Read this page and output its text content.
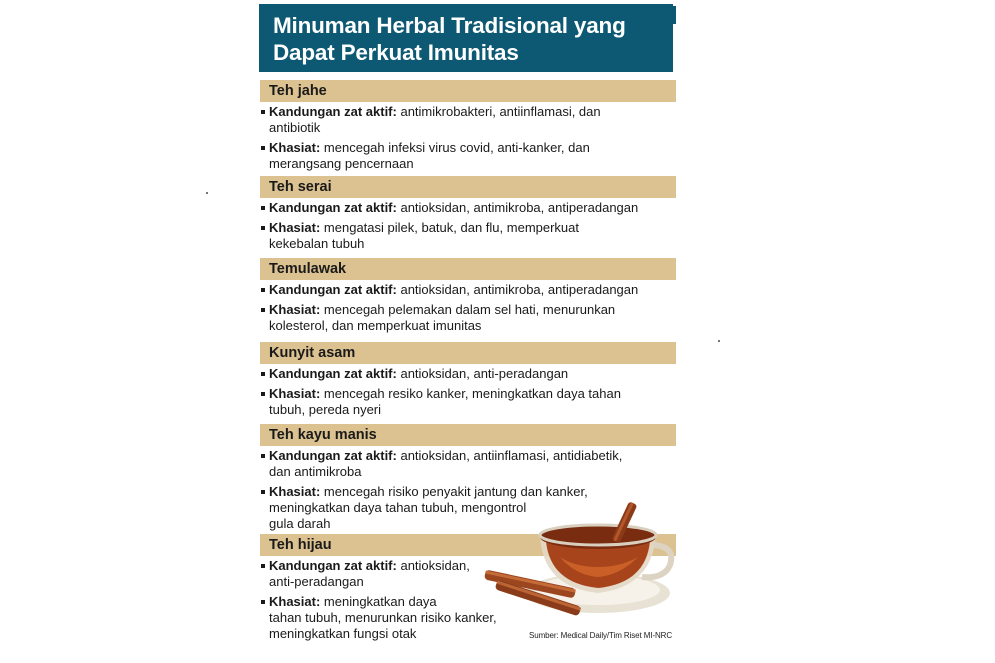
Minuman Herbal Tradisional yang Dapat Perkuat Imunitas
Teh jahe
Kandungan zat aktif: antimikrobakteri, antiinflamasi, dan
antibiotik
Khasiat: mencegah infeksi virus covid, anti-kanker, dan
merangsang pencernaan
Teh serai
Kandungan zat aktif: antioksidan, antimikroba, antiperadangan
Khasiat: mengatasi pilek, batuk, dan flu, memperkuat
kekebalan tubuh
Temulawak
Kandungan zat aktif: antioksidan, antimikroba, antiperadangan
Khasiat: mencegah pelemakan dalam sel hati, menurunkan
kolesterol, dan memperkuat imunitas
Kunyit asam
Kandungan zat aktif: antioksidan, anti-peradangan
Khasiat: mencegah resiko kanker, meningkatkan daya tahan
tubuh, pereda nyeri
Teh kayu manis
Kandungan zat aktif: antioksidan, antiinflamasi, antidiabetik,
dan antimikroba
Khasiat: mencegah risiko penyakit jantung dan kanker,
meningkatkan daya tahan tubuh, mengontrol
gula darah
Teh hijau
Kandungan zat aktif: antioksidan,
anti-peradangan
Khasiat: meningkatkan daya
tahan tubuh, menurunkan risiko kanker,
meningkatkan fungsi otak	Sumber: Medical Daily/Tim Riset MI-NRC
